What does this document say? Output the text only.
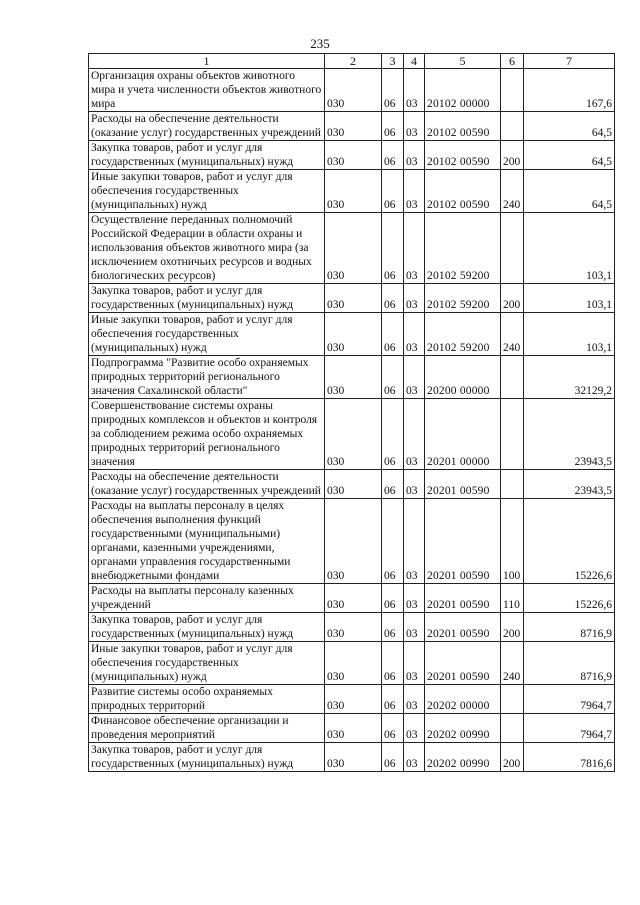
235
1	2	3	4	5	6	7
Организация охраны объектов животного мира и учета численности объектов животного мира	030	06	03	20102 00000		167,6
Расходы на обеспечение деятельности (оказание услуг) государственных учреждений	030	06	03	20102 00590		64,5
Закупка товаров, работ и услуг для государственных (муниципальных) нужд	030	06	03	20102 00590	200	64,5
Иные закупки товаров, работ и услуг для обеспечения государственных (муниципальных) нужд	030	06	03	20102 00590	240	64,5
Осуществление переданных полномочий Российской Федерации в области охраны и использования объектов животного мира (за исключением охотничьих ресурсов и водных биологических ресурсов)	030	06	03	20102 59200		103,1
Закупка товаров, работ и услуг для государственных (муниципальных) нужд	030	06	03	20102 59200	200	103,1
Иные закупки товаров, работ и услуг для обеспечения государственных (муниципальных) нужд	030	06	03	20102 59200	240	103,1
Подпрограмма "Развитие особо охраняемых природных территорий регионального значения Сахалинской области"	030	06	03	20200 00000		32129,2
Совершенствование системы охраны природных комплексов и объектов и контроля за соблюдением режима особо охраняемых природных территорий регионального значения	030	06	03	20201 00000		23943,5
Расходы на обеспечение деятельности (оказание услуг) государственных учреждений	030	06	03	20201 00590		23943,5
Расходы на выплаты персоналу в целях обеспечения выполнения функций государственными (муниципальными) органами, казенными учреждениями, органами управления государственными внебюджетными фондами	030	06	03	20201 00590	100	15226,6
Расходы на выплаты персоналу казенных учреждений	030	06	03	20201 00590	110	15226,6
Закупка товаров, работ и услуг для государственных (муниципальных) нужд	030	06	03	20201 00590	200	8716,9
Иные закупки товаров, работ и услуг для обеспечения государственных (муниципальных) нужд	030	06	03	20201 00590	240	8716,9
Развитие системы особо охраняемых природных территорий	030	06	03	20202 00000		7964,7
Финансовое обеспечение организации и проведения мероприятий	030	06	03	20202 00990		7964,7
Закупка товаров, работ и услуг для государственных (муниципальных) нужд	030	06	03	20202 00990	200	7816,6
